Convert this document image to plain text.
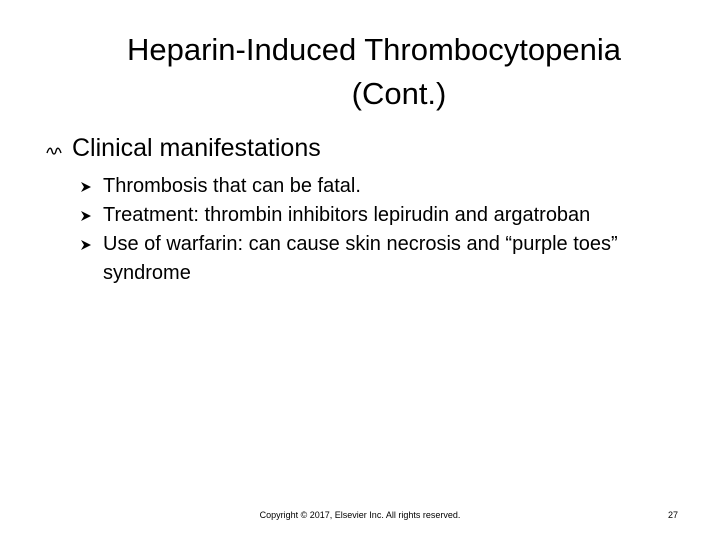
Heparin-Induced Thrombocytopenia
(Cont.)
Clinical manifestations
Thrombosis that can be fatal.
Treatment: thrombin inhibitors lepirudin and argatroban
Use of warfarin: can cause skin necrosis and “purple toes” syndrome
Copyright © 2017, Elsevier Inc. All rights reserved.	27
